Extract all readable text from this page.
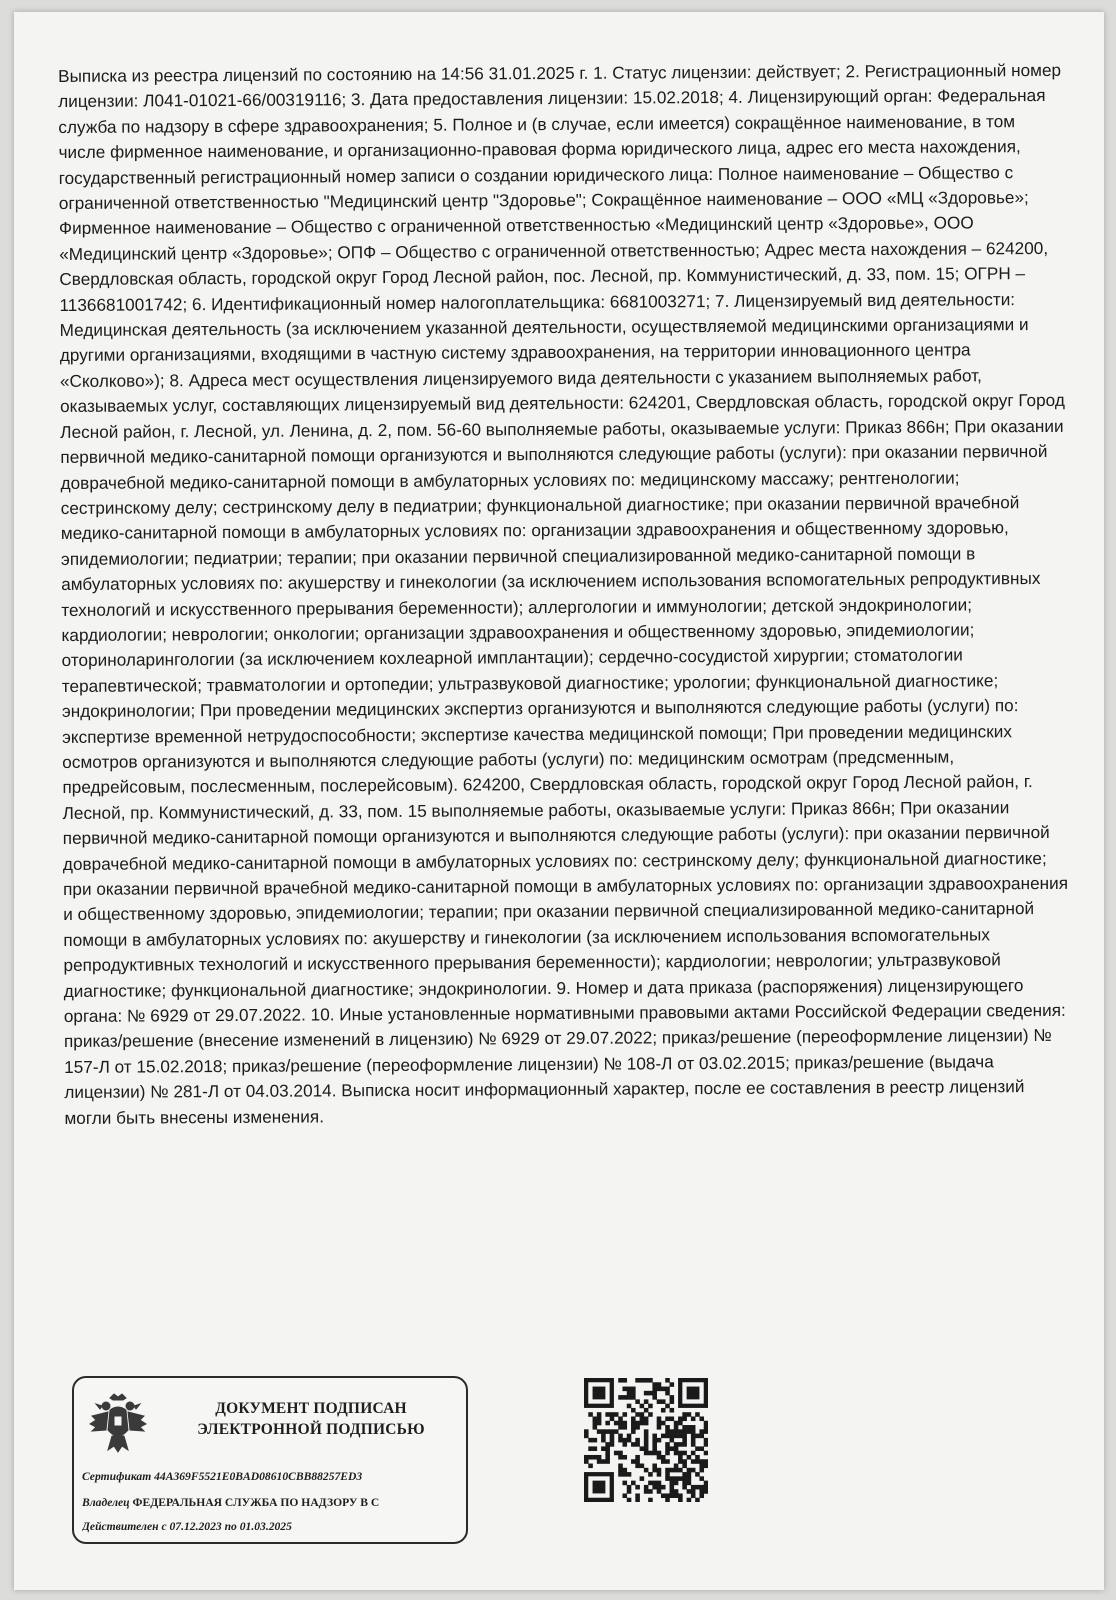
Выписка из реестра лицензий по состоянию на 14:56 31.01.2025 г. 1. Статус лицензии: действует; 2. Регистрационный номер лицензии: Л041-01021-66/00319116; 3. Дата предоставления лицензии: 15.02.2018; 4. Лицензирующий орган: Федеральная служба по надзору в сфере здравоохранения; 5. Полное и (в случае, если имеется) сокращённое наименование, в том числе фирменное наименование, и организационно-правовая форма юридического лица, адрес его места нахождения, государственный регистрационный номер записи о создании юридического лица: Полное наименование – Общество с ограниченной ответственностью "Медицинский центр "Здоровье"; Сокращённое наименование – ООО «МЦ «Здоровье»; Фирменное наименование – Общество с ограниченной ответственностью «Медицинский центр «Здоровье», ООО «Медицинский центр «Здоровье»; ОПФ – Общество с ограниченной ответственностью; Адрес места нахождения – 624200, Свердловская область, городской округ Город Лесной район, пос. Лесной, пр. Коммунистический, д. 33, пом. 15; ОГРН – 1136681001742; 6. Идентификационный номер налогоплательщика: 6681003271; 7. Лицензируемый вид деятельности: Медицинская деятельность (за исключением указанной деятельности, осуществляемой медицинскими организациями и другими организациями, входящими в частную систему здравоохранения, на территории инновационного центра «Сколково»); 8. Адреса мест осуществления лицензируемого вида деятельности с указанием выполняемых работ, оказываемых услуг, составляющих лицензируемый вид деятельности: 624201, Свердловская область, городской округ Город Лесной район, г. Лесной, ул. Ленина, д. 2, пом. 56-60 выполняемые работы, оказываемые услуги: Приказ 866н; При оказании первичной медико-санитарной помощи организуются и выполняются следующие работы (услуги): при оказании первичной доврачебной медико-санитарной помощи в амбулаторных условиях по: медицинскому массажу; рентгенологии; сестринскому делу; сестринскому делу в педиатрии; функциональной диагностике; при оказании первичной врачебной медико-санитарной помощи в амбулаторных условиях по: организации здравоохранения и общественному здоровью, эпидемиологии; педиатрии; терапии; при оказании первичной специализированной медико-санитарной помощи в амбулаторных условиях по: акушерству и гинекологии (за исключением использования вспомогательных репродуктивных технологий и искусственного прерывания беременности); аллергологии и иммунологии; детской эндокринологии; кардиологии; неврологии; онкологии; организации здравоохранения и общественному здоровью, эпидемиологии; оториноларингологии (за исключением кохлеарной имплантации); сердечно-сосудистой хирургии; стоматологии терапевтической; травматологии и ортопедии; ультразвуковой диагностике; урологии; функциональной диагностике; эндокринологии; При проведении медицинских экспертиз организуются и выполняются следующие работы (услуги) по: экспертизе временной нетрудоспособности; экспертизе качества медицинской помощи; При проведении медицинских осмотров организуются и выполняются следующие работы (услуги) по: медицинским осмотрам (предсменным, предрейсовым, послесменным, послерейсовым). 624200, Свердловская область, городской округ Город Лесной район, г. Лесной, пр. Коммунистический, д. 33, пом. 15 выполняемые работы, оказываемые услуги: Приказ 866н; При оказании первичной медико-санитарной помощи организуются и выполняются следующие работы (услуги): при оказании первичной доврачебной медико-санитарной помощи в амбулаторных условиях по: сестринскому делу; функциональной диагностике; при оказании первичной врачебной медико-санитарной помощи в амбулаторных условиях по: организации здравоохранения и общественному здоровью, эпидемиологии; терапии; при оказании первичной специализированной медико-санитарной помощи в амбулаторных условиях по: акушерству и гинекологии (за исключением использования вспомогательных репродуктивных технологий и искусственного прерывания беременности); кардиологии; неврологии; ультразвуковой диагностике; функциональной диагностике; эндокринологии. 9. Номер и дата приказа (распоряжения) лицензирующего органа: № 6929 от 29.07.2022. 10. Иные установленные нормативными правовыми актами Российской Федерации сведения: приказ/решение (внесение изменений в лицензию) № 6929 от 29.07.2022; приказ/решение (переоформление лицензии) № 157-Л от 15.02.2018; приказ/решение (переоформление лицензии) № 108-Л от 03.02.2015; приказ/решение (выдача лицензии) № 281-Л от 04.03.2014. Выписка носит информационный характер, после ее составления в реестр лицензий могли быть внесены изменения.

ДОКУМЕНТ ПОДПИСАН ЭЛЕКТРОННОЙ ПОДПИСЬЮ
Сертификат 44A369F5521E0BAD08610CBB88257ED3
Владелец ФЕДЕРАЛЬНАЯ СЛУЖБА ПО НАДЗОРУ В С
Действителен с 07.12.2023 по 01.03.2025
